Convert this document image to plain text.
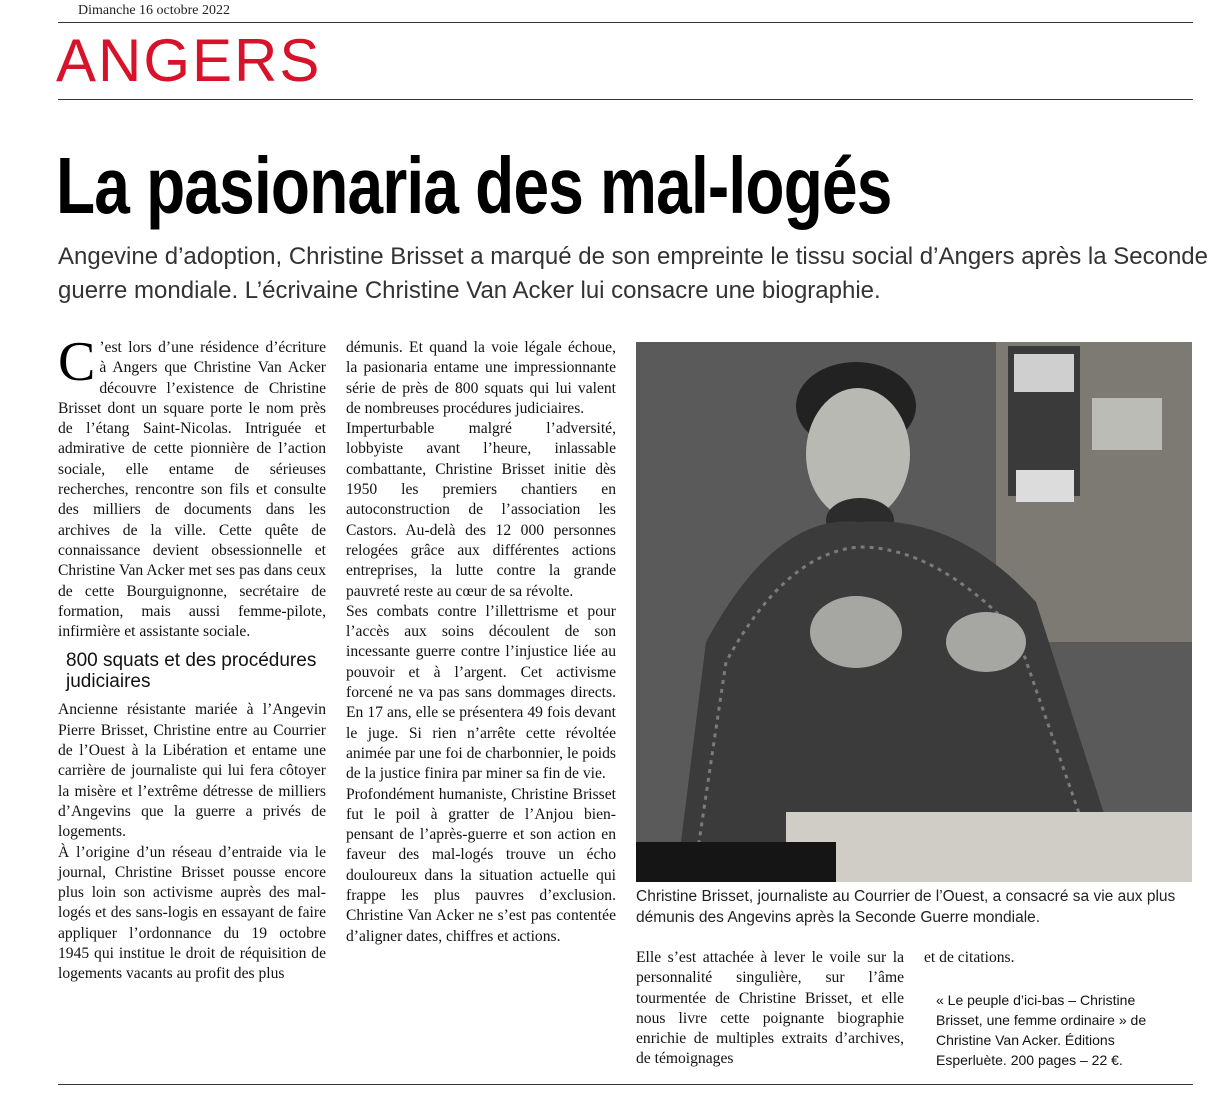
Dimanche 16 octobre 2022
ANGERS
La pasionaria des mal-logés
Angevine d’adoption, Christine Brisset a marqué de son empreinte le tissu social d’Angers après la Seconde guerre mondiale. L’écrivaine Christine Van Acker lui consacre une biographie.

C ’est lors d’une résidence d’écriture à Angers que Christine Van Acker découvre l’existence de Christine Brisset dont un square porte le nom près de l’étang Saint-Nicolas. Intriguée et admirative de cette pionnière de l’action sociale, elle entame de sérieuses recherches, rencontre son fils et consulte des milliers de documents dans les archives de la ville. Cette quête de connaissance devient obsessionnelle et Christine Van Acker met ses pas dans ceux de cette Bourguignonne, secrétaire de formation, mais aussi femme-pilote, infirmière et assistante sociale.

800 squats et des procédures judiciaires

Ancienne résistante mariée à l’Angevin Pierre Brisset, Christine entre au Courrier de l’Ouest à la Libération et entame une carrière de journaliste qui lui fera côtoyer la misère et l’extrême détresse de milliers d’Angevins que la guerre a privés de logements.

À l’origine d’un réseau d’entraide via le journal, Christine Brisset pousse encore plus loin son activisme auprès des mal-logés et des sans-logis en essayant de faire appliquer l’ordonnance du 19 octobre 1945 qui institue le droit de réquisition de logements vacants au profit des plus

démunis. Et quand la voie légale échoue, la pasionaria entame une impressionnante série de près de 800 squats qui lui valent de nombreuses procédures judiciaires.

Imperturbable malgré l’adversité, lobbyiste avant l’heure, inlassable combattante, Christine Brisset initie dès 1950 les premiers chantiers en autoconstruction de l’association les Castors. Au-delà des 12 000 personnes relogées grâce aux différentes actions entreprises, la lutte contre la grande pauvreté reste au cœur de sa révolte.

Ses combats contre l’illettrisme et pour l’accès aux soins découlent de son incessante guerre contre l’injustice liée au pouvoir et à l’argent. Cet activisme forcené ne va pas sans dommages directs. En 17 ans, elle se présentera 49 fois devant le juge. Si rien n’arrête cette révoltée animée par une foi de charbonnier, le poids de la justice finira par miner sa fin de vie.

Profondément humaniste, Christine Brisset fut le poil à gratter de l’Anjou bien-pensant de l’après-guerre et son action en faveur des mal-logés trouve un écho douloureux dans la situation actuelle qui frappe les plus pauvres d’exclusion. Christine Van Acker ne s’est pas contentée d’aligner dates, chiffres et actions.

Christine Brisset, journaliste au Courrier de l’Ouest, a consacré sa vie aux plus démunis des Angevins après la Seconde Guerre mondiale.

Elle s’est attachée à lever le voile sur la personnalité singulière, sur l’âme tourmentée de Christine Brisset, et elle nous livre cette poignante biographie enrichie de multiples extraits d’archives, de témoignages

et de citations.

« Le peuple d’ici-bas – Christine Brisset, une femme ordinaire » de Christine Van Acker. Éditions Esperluète. 200 pages – 22 €.
